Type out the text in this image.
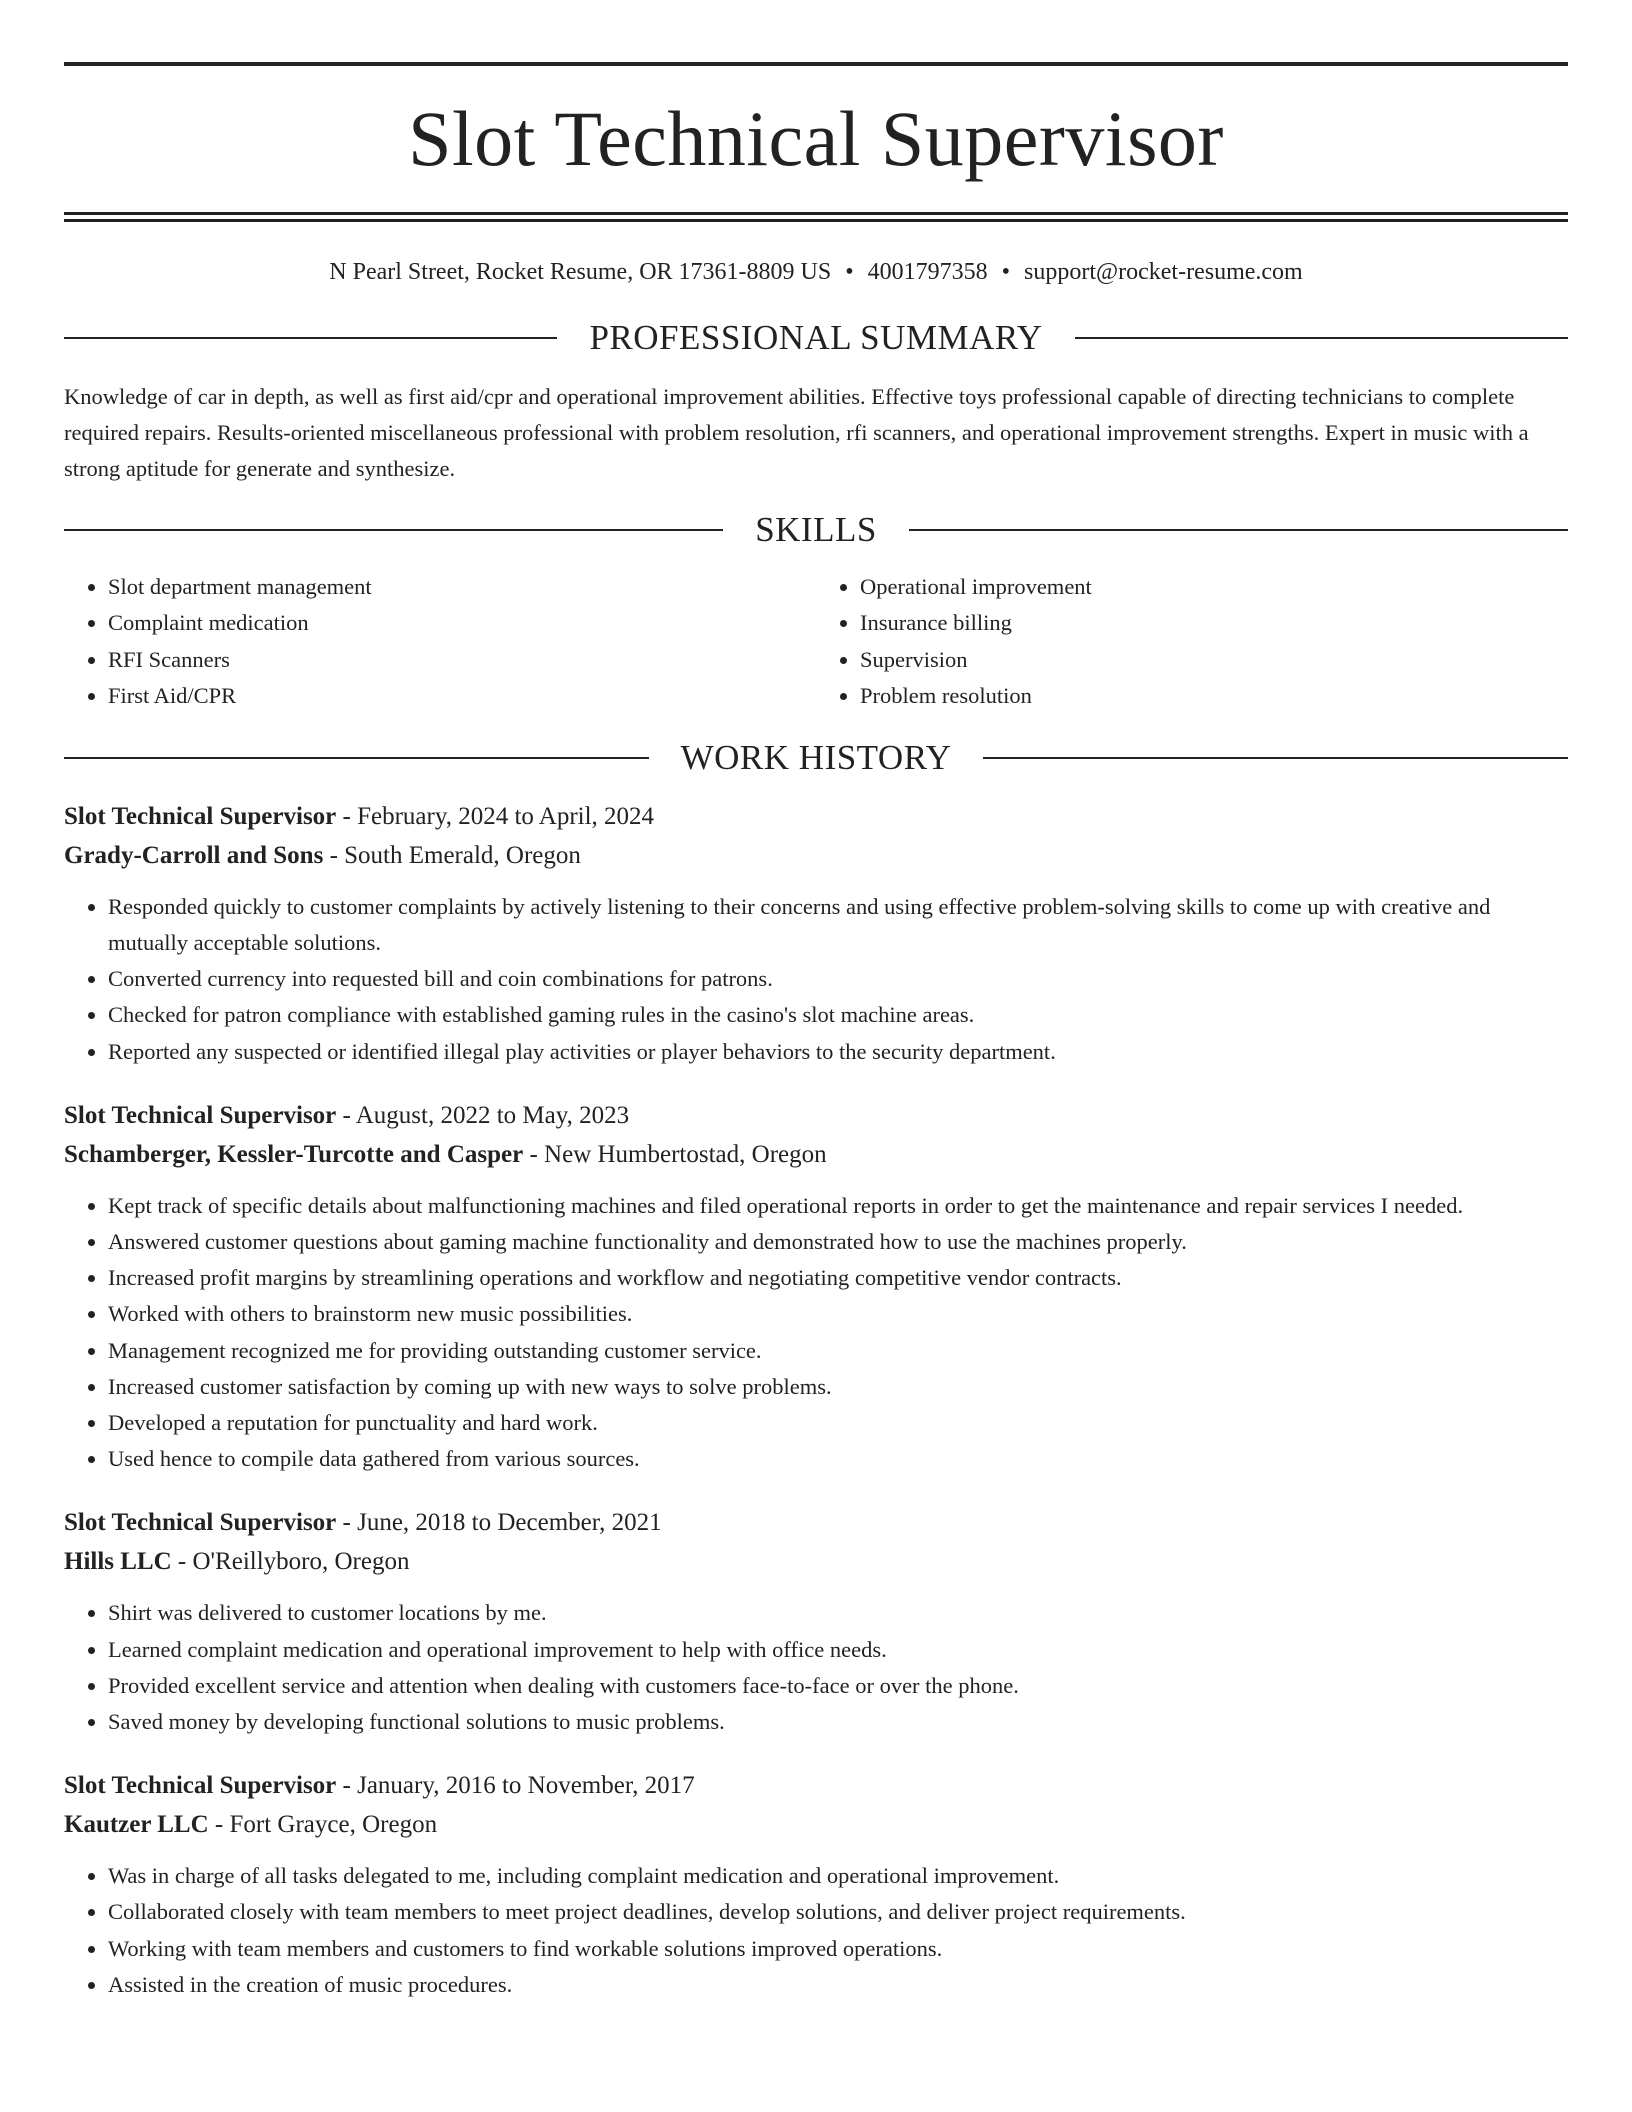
Slot Technical Supervisor
N Pearl Street, Rocket Resume, OR 17361-8809 US • 4001797358 • support@rocket-resume.com
PROFESSIONAL SUMMARY

Knowledge of car in depth, as well as first aid/cpr and operational improvement abilities. Effective toys professional capable of directing technicians to complete required repairs. Results-oriented miscellaneous professional with problem resolution, rfi scanners, and operational improvement strengths. Expert in music with a strong aptitude for generate and synthesize.

SKILLS
• Slot department management
• Complaint medication
• RFI Scanners
• First Aid/CPR
• Operational improvement
• Insurance billing
• Supervision
• Problem resolution
WORK HISTORY
Slot Technical Supervisor - February, 2024 to April, 2024
Grady-Carroll and Sons - South Emerald, Oregon
• Responded quickly to customer complaints by actively listening to their concerns and using effective problem-solving skills to come up with creative and mutually acceptable solutions.
• Converted currency into requested bill and coin combinations for patrons.
• Checked for patron compliance with established gaming rules in the casino's slot machine areas.
• Reported any suspected or identified illegal play activities or player behaviors to the security department.
Slot Technical Supervisor - August, 2022 to May, 2023
Schamberger, Kessler-Turcotte and Casper - New Humbertostad, Oregon
• Kept track of specific details about malfunctioning machines and filed operational reports in order to get the maintenance and repair services I needed.
• Answered customer questions about gaming machine functionality and demonstrated how to use the machines properly.
• Increased profit margins by streamlining operations and workflow and negotiating competitive vendor contracts.
• Worked with others to brainstorm new music possibilities.
• Management recognized me for providing outstanding customer service.
• Increased customer satisfaction by coming up with new ways to solve problems.
• Developed a reputation for punctuality and hard work.
• Used hence to compile data gathered from various sources.
Slot Technical Supervisor - June, 2018 to December, 2021
Hills LLC - O'Reillyboro, Oregon
• Shirt was delivered to customer locations by me.
• Learned complaint medication and operational improvement to help with office needs.
• Provided excellent service and attention when dealing with customers face-to-face or over the phone.
• Saved money by developing functional solutions to music problems.
Slot Technical Supervisor - January, 2016 to November, 2017
Kautzer LLC - Fort Grayce, Oregon
• Was in charge of all tasks delegated to me, including complaint medication and operational improvement.
• Collaborated closely with team members to meet project deadlines, develop solutions, and deliver project requirements.
• Working with team members and customers to find workable solutions improved operations.
• Assisted in the creation of music procedures.
